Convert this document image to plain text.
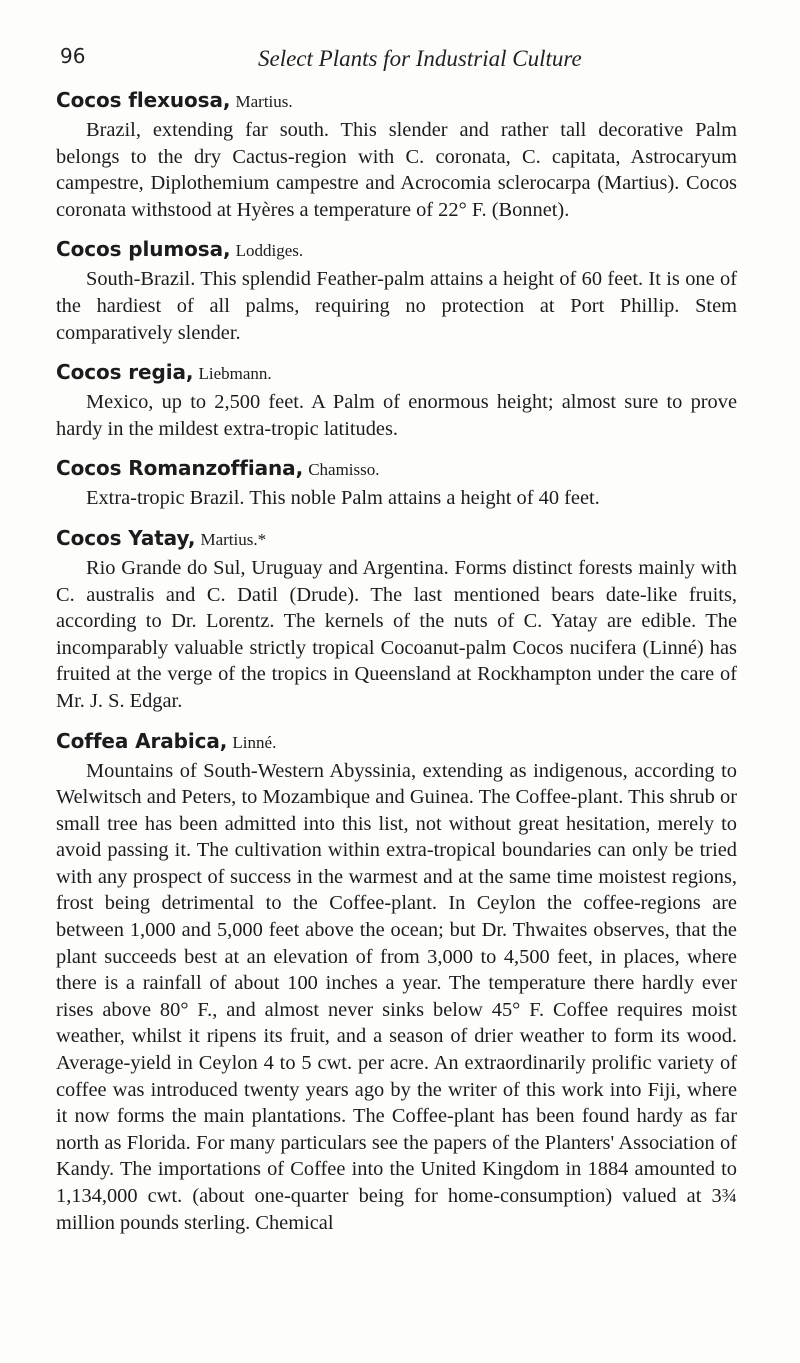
96	Select Plants for Industrial Culture

Cocos flexuosa, Martius.

Brazil, extending far south. This slender and rather tall decorative Palm belongs to the dry Cactus-region with C. coronata, C. capitata, Astrocaryum campestre, Diplothemium campestre and Acrocomia sclerocarpa (Martius). Cocos coronata withstood at Hyères a temperature of 22° F. (Bonnet).

Cocos plumosa, Loddiges.

South-Brazil. This splendid Feather-palm attains a height of 60 feet. It is one of the hardiest of all palms, requiring no protection at Port Phillip. Stem comparatively slender.

Cocos regia, Liebmann.

Mexico, up to 2,500 feet. A Palm of enormous height; almost sure to prove hardy in the mildest extra-tropic latitudes.

Cocos Romanzoffiana, Chamisso.

Extra-tropic Brazil. This noble Palm attains a height of 40 feet.

Cocos Yatay, Martius.*

Rio Grande do Sul, Uruguay and Argentina. Forms distinct forests mainly with C. australis and C. Datil (Drude). The last mentioned bears date-like fruits, according to Dr. Lorentz. The kernels of the nuts of C. Yatay are edible. The incomparably valuable strictly tropical Cocoanut-palm Cocos nucifera (Linné) has fruited at the verge of the tropics in Queensland at Rockhampton under the care of Mr. J. S. Edgar.

Coffea Arabica, Linné.

Mountains of South-Western Abyssinia, extending as indigenous, according to Welwitsch and Peters, to Mozambique and Guinea. The Coffee-plant. This shrub or small tree has been admitted into this list, not without great hesitation, merely to avoid passing it. The cultivation within extra-tropical boundaries can only be tried with any prospect of success in the warmest and at the same time moistest regions, frost being detrimental to the Coffee-plant. In Ceylon the coffee-regions are between 1,000 and 5,000 feet above the ocean; but Dr. Thwaites observes, that the plant succeeds best at an elevation of from 3,000 to 4,500 feet, in places, where there is a rainfall of about 100 inches a year. The temperature there hardly ever rises above 80° F., and almost never sinks below 45° F. Coffee requires moist weather, whilst it ripens its fruit, and a season of drier weather to form its wood. Average-yield in Ceylon 4 to 5 cwt. per acre. An extraordinarily prolific variety of coffee was introduced twenty years ago by the writer of this work into Fiji, where it now forms the main plantations. The Coffee-plant has been found hardy as far north as Florida. For many particulars see the papers of the Planters' Association of Kandy. The importations of Coffee into the United Kingdom in 1884 amounted to 1,134,000 cwt. (about one-quarter being for home-consumption) valued at 3¾ million pounds sterling. Chemical
